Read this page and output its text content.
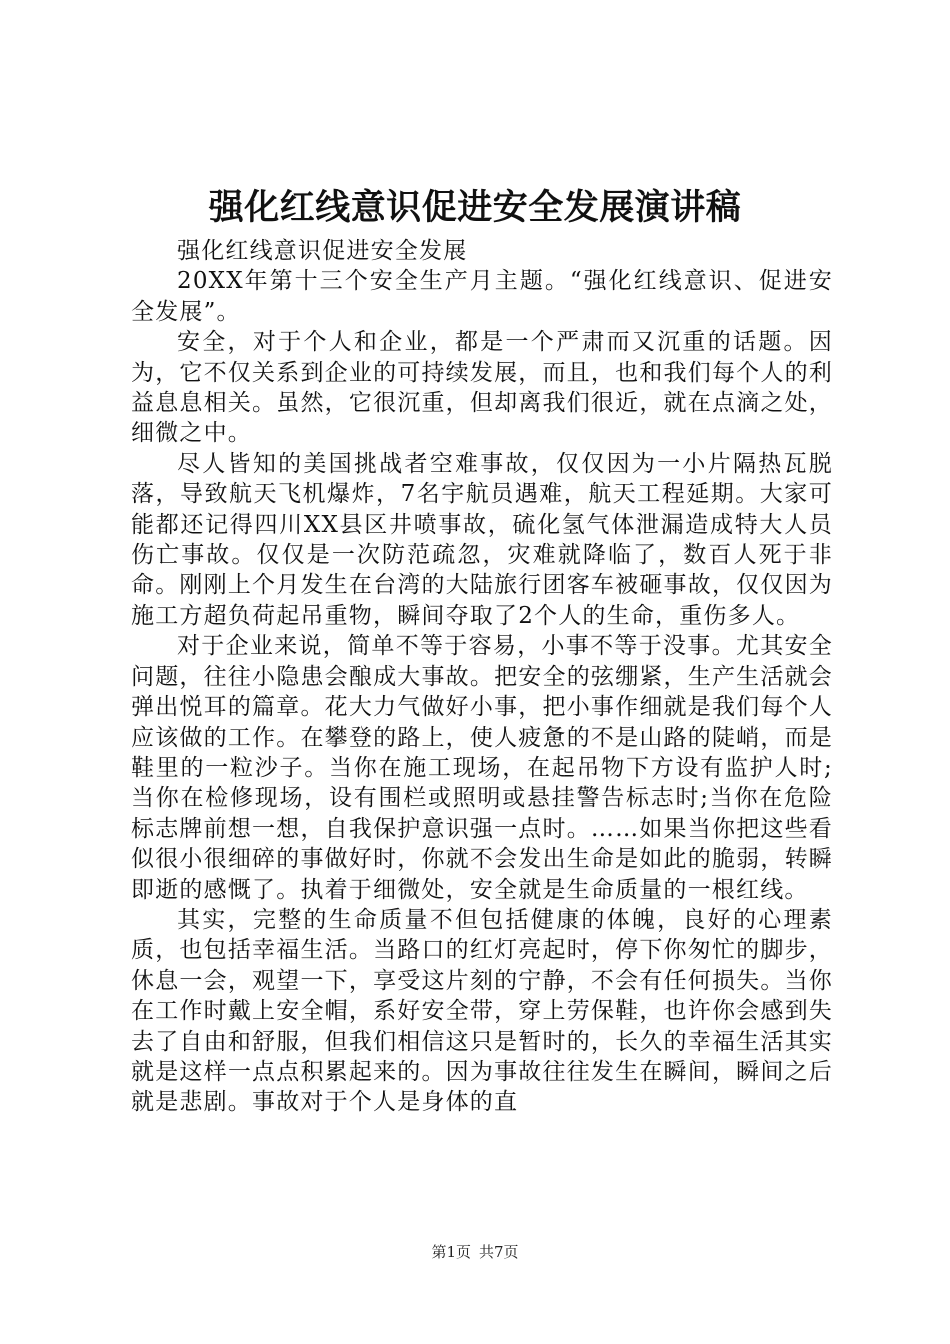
强化红线意识促进安全发展演讲稿

强化红线意识促进安全发展

20XX年第十三个安全生产月主题。“强化红线意识、促进安全发展”。

安全，对于个人和企业，都是一个严肃而又沉重的话题。因为，它不仅关系到企业的可持续发展，而且，也和我们每个人的利益息息相关。虽然，它很沉重，但却离我们很近，就在点滴之处，细微之中。

尽人皆知的美国挑战者空难事故，仅仅因为一小片隔热瓦脱落，导致航天飞机爆炸，7名宇航员遇难，航天工程延期。大家可能都还记得四川XX县区井喷事故，硫化氢气体泄漏造成特大人员伤亡事故。仅仅是一次防范疏忽，灾难就降临了，数百人死于非命。刚刚上个月发生在台湾的大陆旅行团客车被砸事故，仅仅因为施工方超负荷起吊重物，瞬间夺取了2个人的生命，重伤多人。

对于企业来说，简单不等于容易，小事不等于没事。尤其安全问题，往往小隐患会酿成大事故。把安全的弦绷紧，生产生活就会弹出悦耳的篇章。花大力气做好小事，把小事作细就是我们每个人应该做的工作。在攀登的路上，使人疲惫的不是山路的陡峭，而是鞋里的一粒沙子。当你在施工现场，在起吊物下方设有监护人时;当你在检修现场，设有围栏或照明或悬挂警告标志时;当你在危险标志牌前想一想，自我保护意识强一点时。……如果当你把这些看似很小很细碎的事做好时，你就不会发出生命是如此的脆弱，转瞬即逝的感慨了。执着于细微处，安全就是生命质量的一根红线。

其实，完整的生命质量不但包括健康的体魄，良好的心理素质，也包括幸福生活。当路口的红灯亮起时，停下你匆忙的脚步，休息一会，观望一下，享受这片刻的宁静，不会有任何损失。当你在工作时戴上安全帽，系好安全带，穿上劳保鞋，也许你会感到失去了自由和舒服，但我们相信这只是暂时的，长久的幸福生活其实就是这样一点点积累起来的。因为事故往往发生在瞬间，瞬间之后就是悲剧。事故对于个人是身体的直

第1页 共7页
